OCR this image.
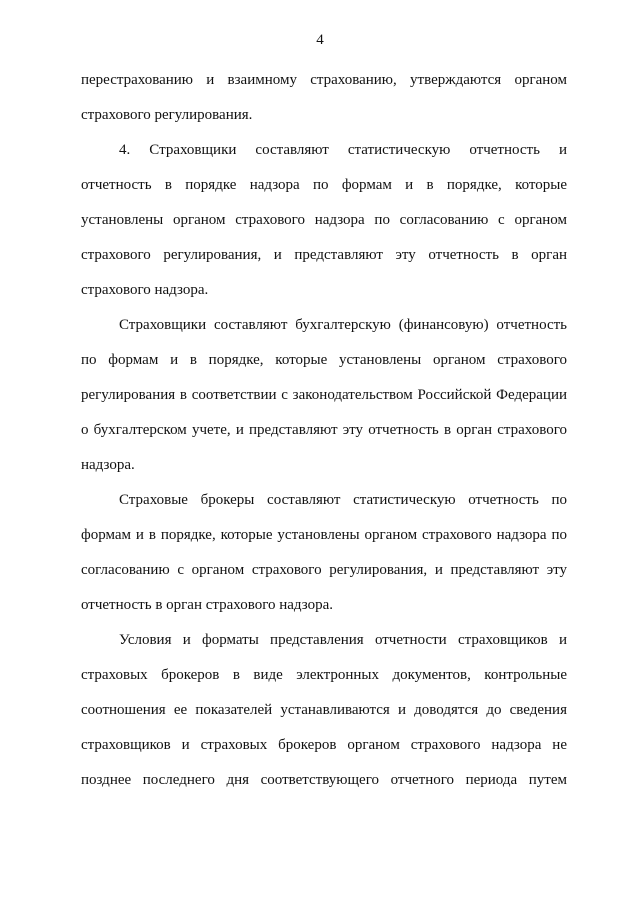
4
перестрахованию и взаимному страхованию, утверждаются органом
страхового регулирования.
4. Страховщики составляют статистическую отчетность и
отчетность в порядке надзора по формам и в порядке, которые
установлены органом страхового надзора по согласованию с органом
страхового регулирования, и представляют эту отчетность в орган
страхового надзора.
Страховщики составляют бухгалтерскую (финансовую) отчетность
по формам и в порядке, которые установлены органом страхового
регулирования в соответствии с законодательством Российской Федерации
о бухгалтерском учете, и представляют эту отчетность в орган страхового
надзора.
Страховые брокеры составляют статистическую отчетность по
формам и в порядке, которые установлены органом страхового надзора по
согласованию с органом страхового регулирования, и представляют эту
отчетность в орган страхового надзора.
Условия и форматы представления отчетности страховщиков и
страховых брокеров в виде электронных документов, контрольные
соотношения ее показателей устанавливаются и доводятся до сведения
страховщиков и страховых брокеров органом страхового надзора не
позднее последнего дня соответствующего отчетного периода путем
